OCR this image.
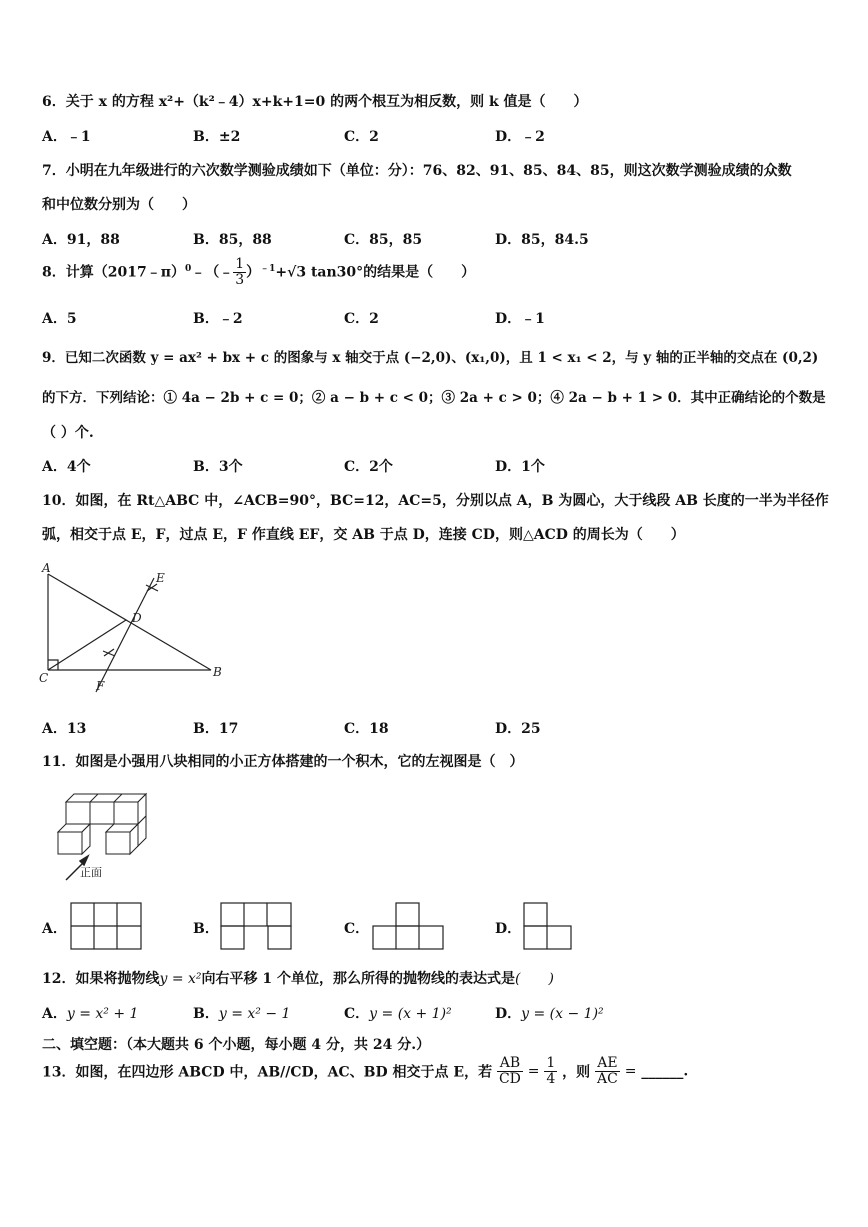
6．关于 x 的方程 x²+（k²﹣4）x+k+1=0 的两个根互为相反数，则 k 值是（　　）
A．﹣1	B．±2	C．2	D．﹣2
7．小明在九年级进行的六次数学测验成绩如下（单位：分）：76、82、91、85、84、85，则这次数学测验成绩的众数
和中位数分别为（　　）
A．91，88	B．85，88	C．85，85	D．85，84.5
8．计算（2017﹣π）$^0$﹣（﹣ $\frac{1}{3} )^{﹣1}+√3$ tan30°的结果是（　　）
A．5	B．﹣2	C．2	D．﹣1
9．已知二次函数 y = ax² + bx + c 的图象与 x 轴交于点 (−2,0)、(x₁,0)，且 1 < x₁ < 2，与 y 轴的正半轴的交点在 (0,2)
的下方．下列结论：① 4a − 2b + c = 0；② a − b + c < 0；③ 2a + c > 0；④ 2a − b + 1 > 0．其中正确结论的个数是
（ ）个.
A．4个	B．3个	C．2个	D．1个
10．如图，在 Rt△ABC 中，∠ACB=90°，BC=12，AC=5，分别以点 A，B 为圆心，大于线段 AB 长度的一半为半径作
弧，相交于点 E，F，过点 E，F 作直线 EF，交 AB 于点 D，连接 CD，则△ACD 的周长为（　　）
A
B
C
D
E
F
A．13	B．17	C．18	D．25
11．如图是小强用八块相同的小正方体搭建的一个积木，它的左视图是（　）
正面
A．	B．	C．	D．
12．如果将抛物线y = x²向右平移 1 个单位，那么所得的抛物线的表达式是(　　)
A．y = x² + 1	B．y = x² − 1	C．y = (x + 1)²	D．y = (x − 1)²
二、填空题：（本大题共 6 个小题，每小题 4 分，共 24 分.）
13．如图，在四边形 ABCD 中，AB//CD，AC、BD 相交于点 E，若 $\frac{AB}{CD} = \frac{1}{4}$ ，则 $\frac{AE}{AC}$ = ______.
